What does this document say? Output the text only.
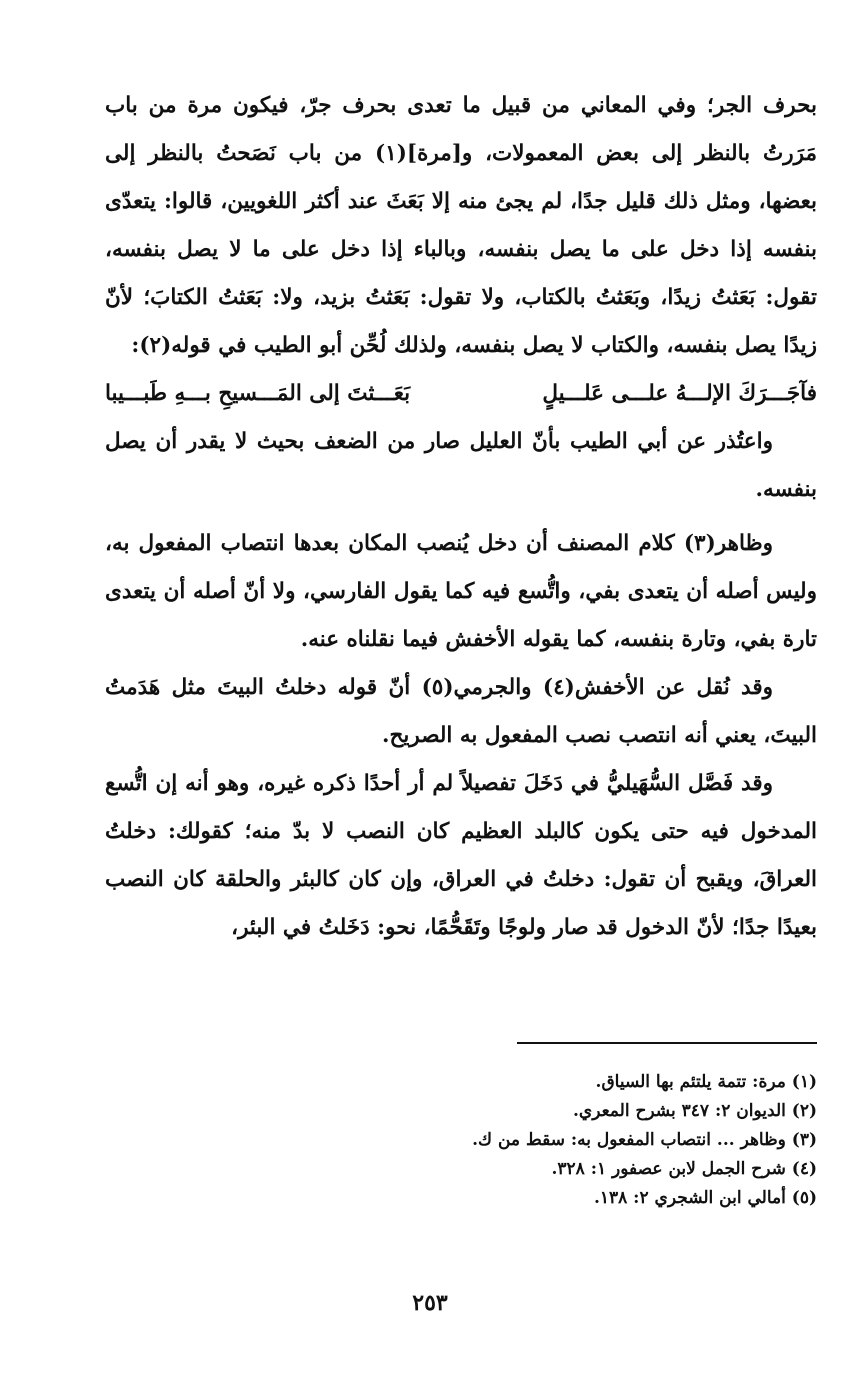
بحرف الجر؛ وفي المعاني من قبيل ما تعدى بحرف جرّ، فيكون مرة من باب مَرَرتُ بالنظر إلى بعض المعمولات، و[مرة](١) من باب نَصَحتُ بالنظر إلى بعضها، ومثل ذلك قليل جدًا، لم يجئ منه إلا بَعَثَ عند أكثر اللغويين، قالوا: يتعدّى بنفسه إذا دخل على ما يصل بنفسه، وبالباء إذا دخل على ما لا يصل بنفسه، تقول: بَعَثتُ زيدًا، وبَعَثتُ بالكتاب، ولا تقول: بَعَثتُ بزيد، ولا: بَعَثتُ الكتابَ؛ لأنّ زيدًا يصل بنفسه، والكتاب لا يصل بنفسه، ولذلك لُحِّن أبو الطيب في قوله(٢):

فآجَـــرَكَ الإلـــهُ علـــى عَلـــيلٍ
بَعَـــثتَ إلى المَـــسيحِ بـــهِ طَبـــيبا

واعتُذر عن أبي الطيب بأنّ العليل صار من الضعف بحيث لا يقدر أن يصل بنفسه.

وظاهر(٣) كلام المصنف أن دخل يُنصب المكان بعدها انتصاب المفعول به، وليس أصله أن يتعدى بفي، واتُّسع فيه كما يقول الفارسي، ولا أنّ أصله أن يتعدى تارة بفي، وتارة بنفسه، كما يقوله الأخفش فيما نقلناه عنه.

وقد نُقل عن الأخفش(٤) والجرمي(٥) أنّ قوله دخلتُ البيتَ مثل هَدَمتُ البيتَ، يعني أنه انتصب نصب المفعول به الصريح.

وقد فَصَّل السُّهَيليُّ في دَخَلَ تفصيلاً لم أر أحدًا ذكره غيره، وهو أنه إن اتُّسع المدخول فيه حتى يكون كالبلد العظيم كان النصب لا بدّ منه؛ كقولك: دخلتُ العراقَ، ويقبح أن تقول: دخلتُ في العراق، وإن كان كالبئر والحلقة كان النصب بعيدًا جدًا؛ لأنّ الدخول قد صار ولوجًا وتَقَحُّمًا، نحو: دَخَلتُ في البئر،

(١) مرة: تتمة يلتئم بها السياق.
(٢) الديوان ٢: ٣٤٧ بشرح المعري.
(٣) وظاهر ... انتصاب المفعول به: سقط من ك.
(٤) شرح الجمل لابن عصفور ١: ٣٢٨.
(٥) أمالي ابن الشجري ٢: ١٣٨.
٢٥٣
